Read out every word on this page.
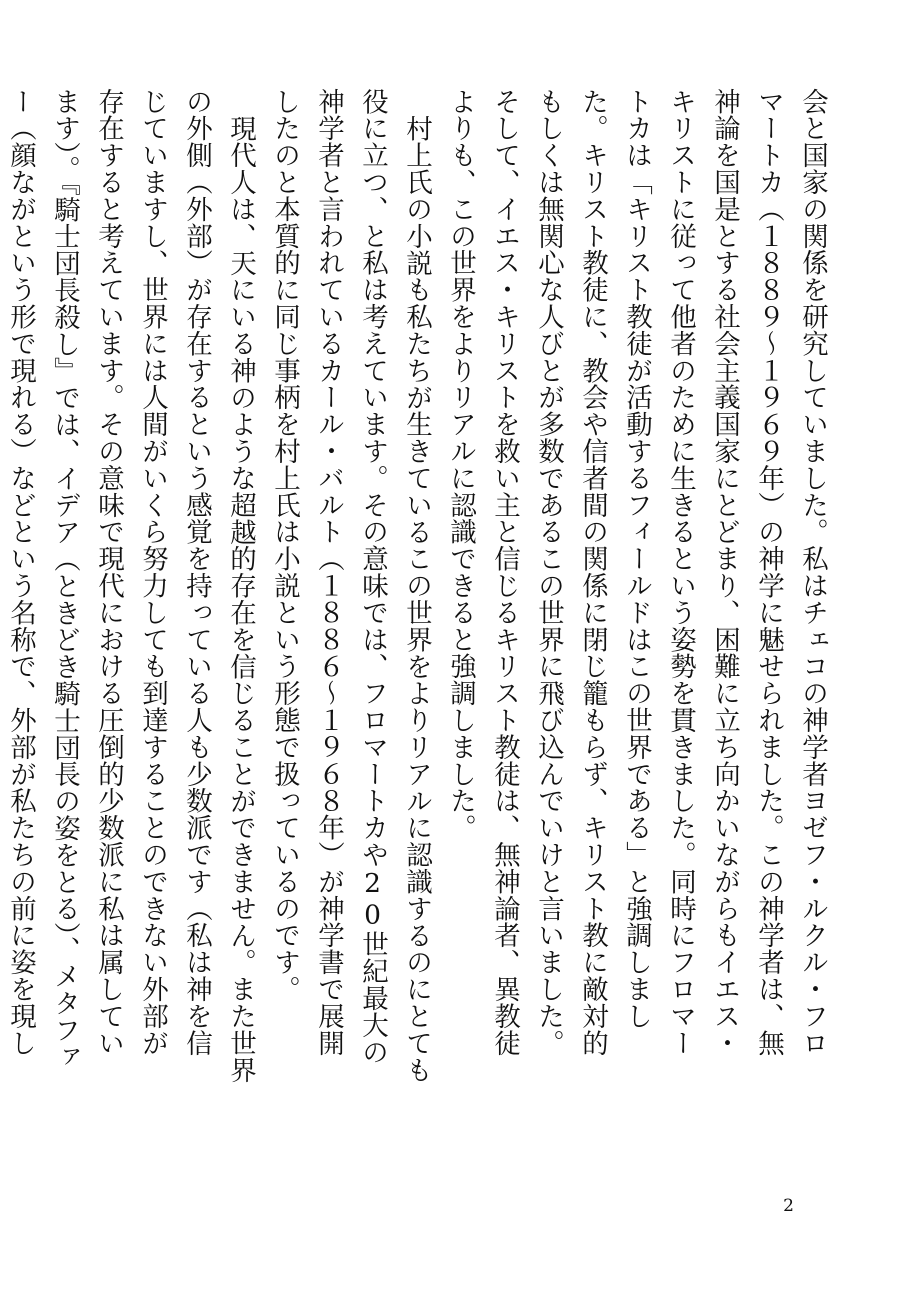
会と国家の関係を研究していました。私はチェコの神学者ヨゼフ・ルクル・フロマートカ（１８８９〜１９６９年）の神学に魅せられました。この神学者は、無神論を国是とする社会主義国家にとどまり、困難に立ち向かいながらもイエス・キリストに従って他者のために生きるという姿勢を貫きました。同時にフロマートカは「キリスト教徒が活動するフィールドはこの世界である」と強調しました。キリスト教徒に、教会や信者間の関係に閉じ籠もらず、キリスト教に敵対的もしくは無関心な人びとが多数であるこの世界に飛び込んでいけと言いました。そして、イエス・キリストを救い主と信じるキリスト教徒は、無神論者、異教徒よりも、この世界をよりリアルに認識できると強調しました。

村上氏の小説も私たちが生きているこの世界をよりリアルに認識するのにとても役に立つ、と私は考えています。その意味では、フロマートカや20世紀最大の神学者と言われているカール・バルト（１８８６〜１９６８年）が神学書で展開したのと本質的に同じ事柄を村上氏は小説という形態で扱っているのです。

現代人は、天にいる神のような超越的存在を信じることができません。また世界の外側（外部）が存在するという感覚を持っている人も少数派です（私は神を信じていますし、世界には人間がいくら努力しても到達することのできない外部が存在すると考えています。その意味で現代における圧倒的少数派に私は属しています）。『騎士団長殺し』では、イデア（ときどき騎士団長の姿をとる）、メタファー（顔ながという形で現れる）などという名称で、外部が私たちの前に姿を現し

2
